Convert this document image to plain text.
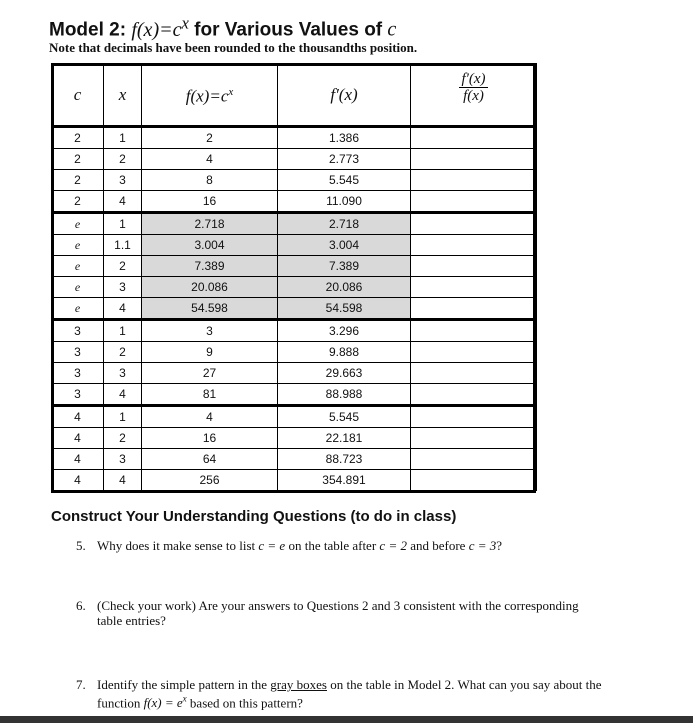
Model 2: $f(x)=c^x$ for Various Values of c
Note that decimals have been rounded to the thousandths position.
c	x	$f(x)=c^x$	f′(x)	$\frac{f'(x)}{f(x)}$

2	1	2	1.386	
2	2	4	2.773	
2	3	8	5.545	
2	4	16	11.090	
e	1	2.718	2.718	
e	1.1	3.004	3.004	
e	2	7.389	7.389	
e	3	20.086	20.086	
e	4	54.598	54.598	
3	1	3	3.296	
3	2	9	9.888	
3	3	27	29.663	
3	4	81	88.988	
4	1	4	5.545	
4	2	16	22.181	
4	3	64	88.723	
4	4	256	354.891	
Construct Your Understanding Questions (to do in class)
5. Why does it make sense to list c = e on the table after c = 2 and before c = 3?
6. (Check your work) Are your answers to Questions 2 and 3 consistent with the corresponding
table entries?
7. Identify the simple pattern in the gray boxes on the table in Model 2. What can you say about the
function $f(x) = e^x$ based on this pattern?
